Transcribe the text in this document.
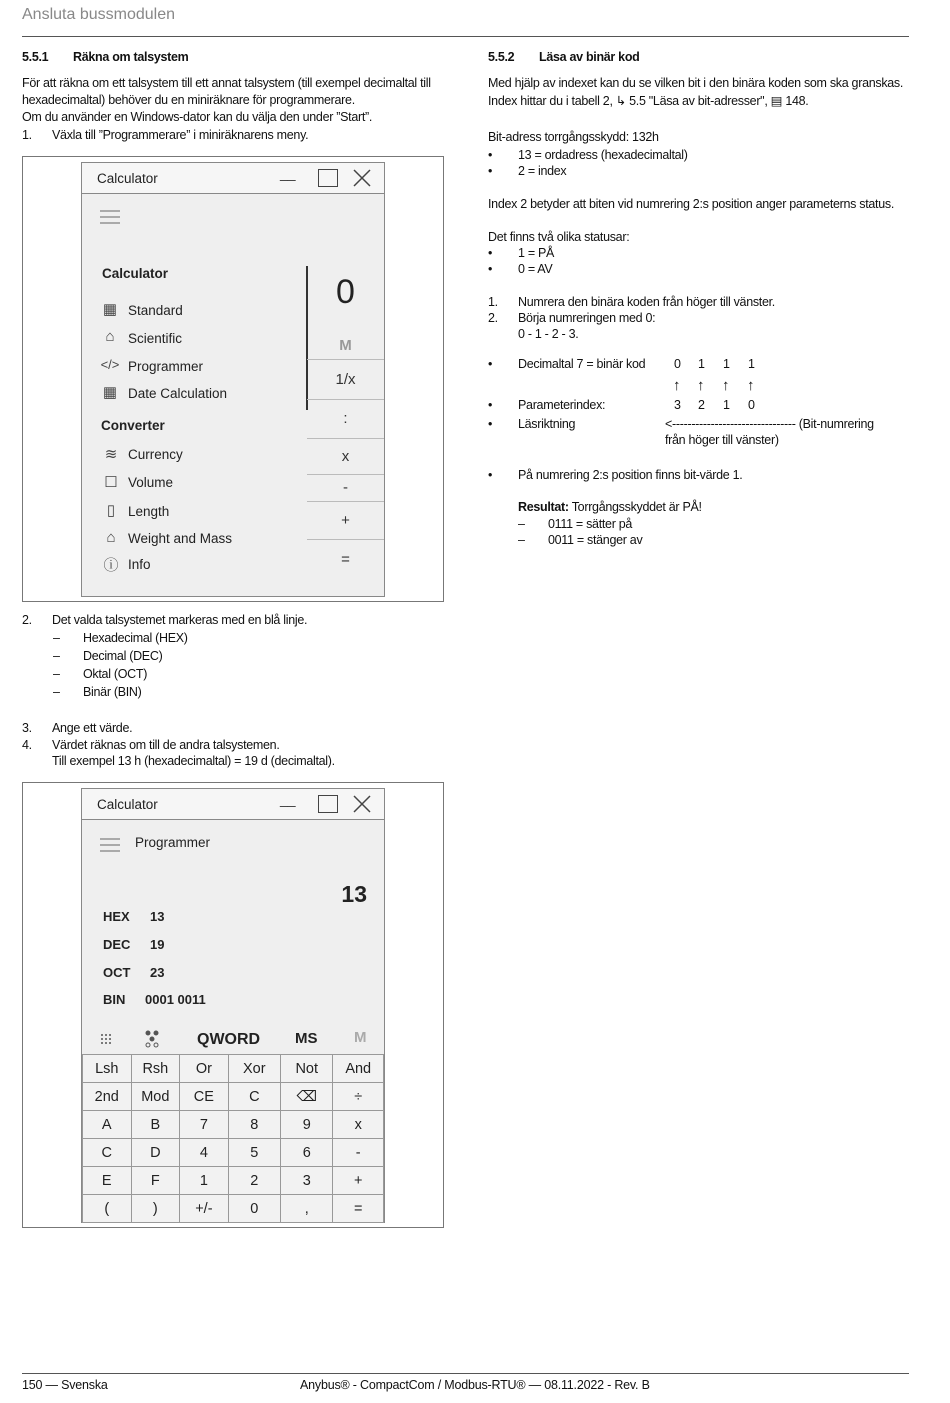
Ansluta bussmodulen
5.5.1 Räkna om talsystem

För att räkna om ett talsystem till ett annat talsystem (till exempel decimaltal till hexadecimaltal) behöver du en miniräknare för programmerare.

Om du använder en Windows-dator kan du välja den under ”Start”.

1. Växla till ”Programmerare” i miniräknarens meny.
Calculator	__
Calculator
▦ Standard
⌂ Scientific
</> Programmer
▦ Date Calculation
Converter
≋ Currency
☐ Volume
▯ Length
⌂ Weight and Mass
ⓘ Info
0
M
1/x
:
x
-
+
=
2. Det valda talsystemet markeras med en blå linje.
– Hexadecimal (HEX)
– Decimal (DEC)
– Oktal (OCT)
– Binär (BIN)
3. Ange ett värde.
4. Värdet räknas om till de andra talsystemen.
Till exempel 13 h (hexadecimaltal) = 19 d (decimaltal).
Calculator	__
Programmer
13
HEX 13
DEC 19
OCT 23
BIN 0001 0011
QWORD MS M
Lsh	Rsh	Or	Xor	Not	And
2nd	Mod	CE	C	⌫	÷
A	B	7	8	9	x
C	D	4	5	6	-
E	F	1	2	3	+
(	)	+/-	0	,	=
5.5.2 Läsa av binär kod
Med hjälp av indexet kan du se vilken bit i den binära koden som ska granskas.
Index hittar du i tabell 2, ↳ 5.5 "Läsa av bit-adresser", ▤ 148.
Bit-adress torrgångsskydd: 132h
• 13 = ordadress (hexadecimaltal)
• 2 = index
Index 2 betyder att biten vid numrering 2:s position anger parameterns status.
Det finns två olika statusar:
• 1 = PÅ
• 0 = AV
1. Numrera den binära koden från höger till vänster.
2. Börja numreringen med 0:
0 - 1 - 2 - 3.
• Decimaltal 7 = binär kod 0 1 1 1
↑ ↑ ↑ ↑
• Parameterindex:	3 2 1 0
• Läsriktning	<-------------------------------- (Bit-numrering
från höger till vänster)
• På numrering 2:s position finns bit-värde 1.
Resultat: Torrgångsskyddet är PÅ!
– 0111 = sätter på
– 0011 = stänger av
150 — Svenska	Anybus® - CompactCom / Modbus-RTU® — 08.11.2022 - Rev. B
